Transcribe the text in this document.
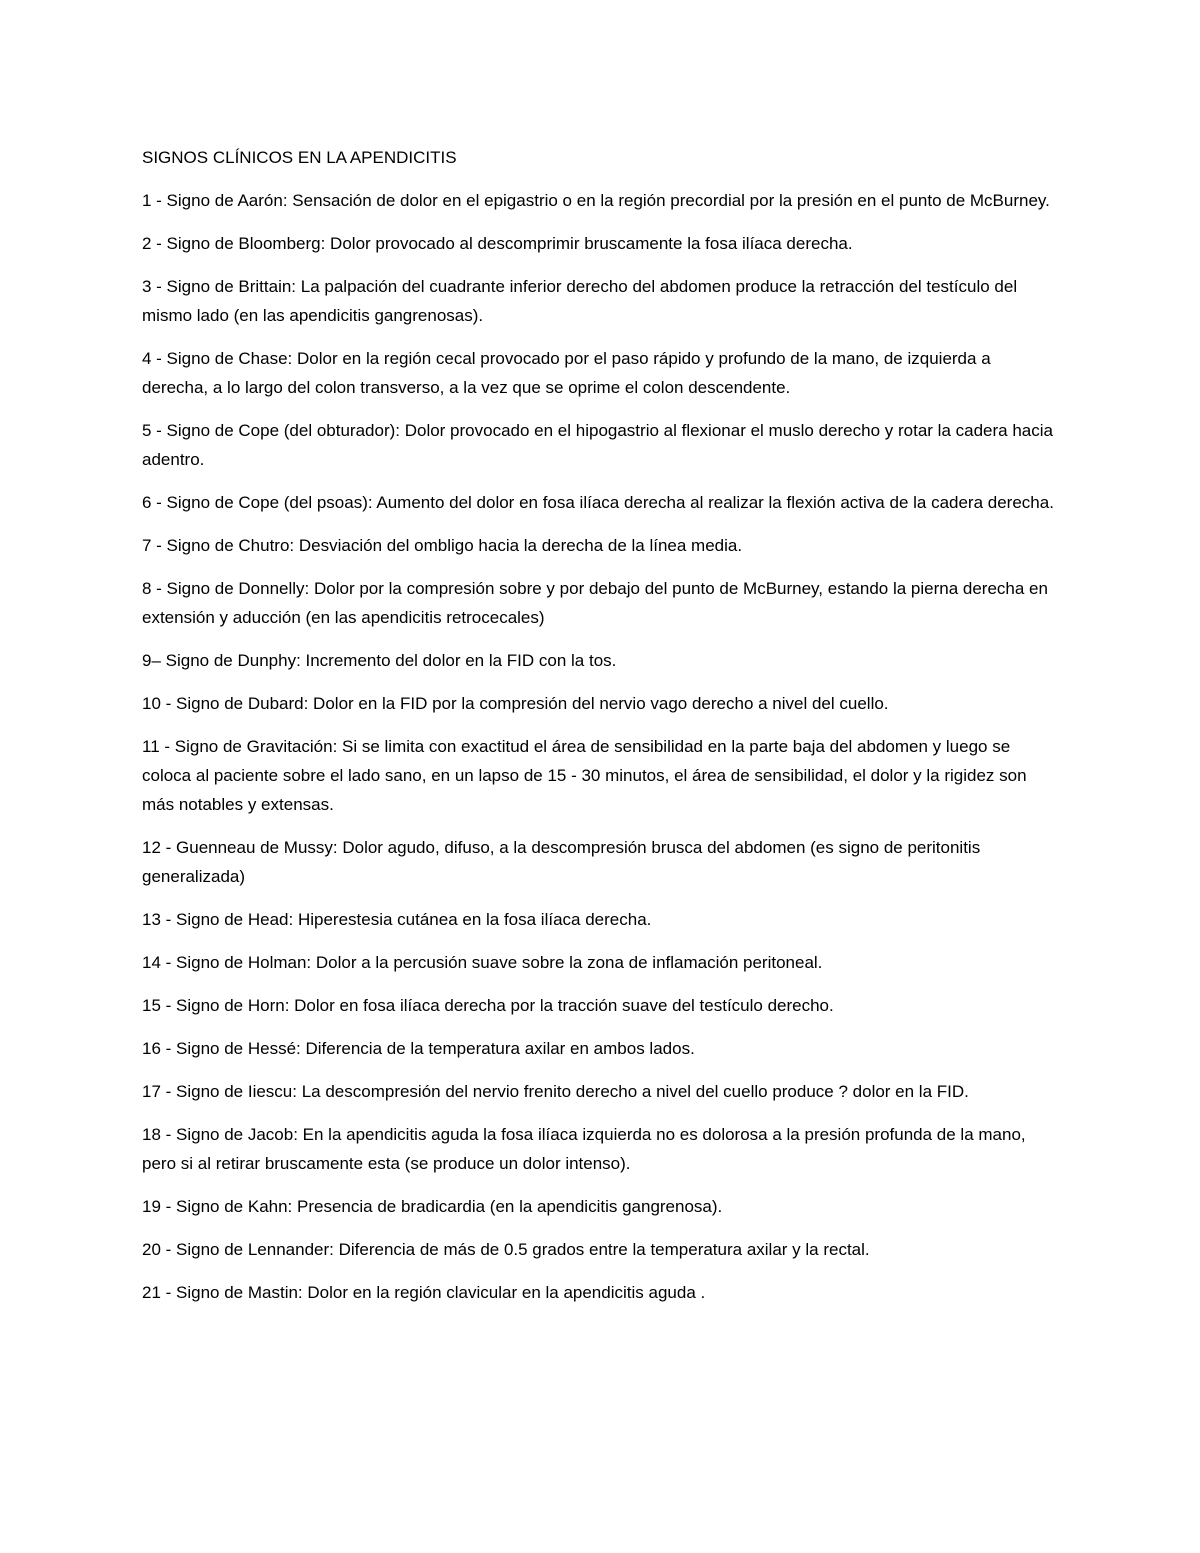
SIGNOS CLÍNICOS EN LA APENDICITIS

1 - Signo de Aarón: Sensación de dolor en el epigastrio o en la región precordial por la presión en el punto de McBurney.

2 - Signo de Bloomberg: Dolor provocado al descomprimir bruscamente la fosa ilíaca derecha.

3 - Signo de Brittain: La palpación del cuadrante inferior derecho del abdomen produce la retracción del testículo del mismo lado (en las apendicitis gangrenosas).

4 - Signo de Chase: Dolor en la región cecal provocado por el paso rápido y profundo de la mano, de izquierda a derecha, a lo largo del colon transverso, a la vez que se oprime el colon descendente.

5 - Signo de Cope (del obturador): Dolor provocado en el hipogastrio al flexionar el muslo derecho y rotar la cadera hacia adentro.

6 - Signo de Cope (del psoas): Aumento del dolor en fosa ilíaca derecha al realizar la flexión activa de la cadera derecha.

7 - Signo de Chutro: Desviación del ombligo hacia la derecha de la línea media.

8 - Signo de Donnelly: Dolor por la compresión sobre y por debajo del punto de McBurney, estando la pierna derecha en extensión y aducción (en las apendicitis retrocecales)

9– Signo de Dunphy: Incremento del dolor en la FID con la tos.

10 - Signo de Dubard: Dolor en la FID por la compresión del nervio vago derecho a nivel del cuello.

11 - Signo de Gravitación: Si se limita con exactitud el área de sensibilidad en la parte baja del abdomen y luego se coloca al paciente sobre el lado sano, en un lapso de 15 - 30 minutos, el área de sensibilidad, el dolor y la rigidez son más notables y extensas.

12 - Guenneau de Mussy: Dolor agudo, difuso, a la descompresión brusca del abdomen (es signo de peritonitis generalizada)

13 - Signo de Head: Hiperestesia cutánea en la fosa ilíaca derecha.

14 - Signo de Holman: Dolor a la percusión suave sobre la zona de inflamación peritoneal.

15 - Signo de Horn: Dolor en fosa ilíaca derecha por la tracción suave del testículo derecho.

16 - Signo de Hessé: Diferencia de la temperatura axilar en ambos lados.

17 - Signo de Iiescu: La descompresión del nervio frenito derecho a nivel del cuello produce ? dolor en la FID.

18 - Signo de Jacob: En la apendicitis aguda la fosa ilíaca izquierda no es dolorosa a la presión profunda de la mano, pero si al retirar bruscamente esta (se produce un dolor intenso).

19 - Signo de Kahn: Presencia de bradicardia (en la apendicitis gangrenosa).

20 - Signo de Lennander: Diferencia de más de 0.5 grados entre la temperatura axilar y la rectal.

21 - Signo de Mastin: Dolor en la región clavicular en la apendicitis aguda .
